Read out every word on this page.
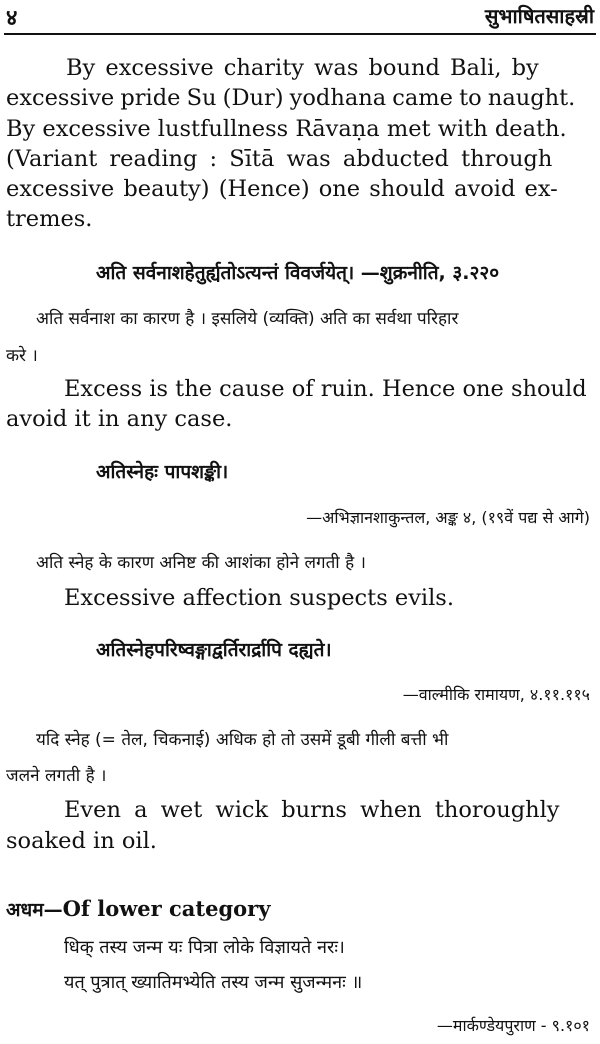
४	सुभाषितसाहस्री
By excessive charity was bound Bali, by
excessive pride Su (Dur) yodhana came to naught.
By excessive lustfullness Rāvaṇa met with death.
(Variant reading : Sītā was abducted through
excessive beauty) (Hence) one should avoid ex-
tremes.
अति सर्वनाशहेतुर्ह्यतोऽत्यन्तं विवर्जयेत्। —शुक्रनीति, ३.२२०
अति सर्वनाश का कारण है । इसलिये (व्यक्ति) अति का सर्वथा परिहार
करे ।
Excess is the cause of ruin. Hence one should
avoid it in any case.
अतिस्नेहः पापशङ्की।
—अभिज्ञानशाकुन्तल, अङ्क ४, (१९वें पद्य से आगे)
अति स्नेह के कारण अनिष्ट की आशंका होने लगती है ।
Excessive affection suspects evils.
अतिस्नेहपरिष्वङ्गाद्वर्तिरार्द्रापि दह्यते।
—वाल्मीकि रामायण, ४.११.११५
यदि स्नेह (= तेल, चिकनाई) अधिक हो तो उसमें डूबी गीली बत्ती भी
जलने लगती है ।
Even a wet wick burns when thoroughly
soaked in oil.
अधम—Of lower category
धिक् तस्य जन्म यः पित्रा लोके विज्ञायते नरः।
यत् पुत्रात् ख्यातिमभ्येति तस्य जन्म सुजन्मनः ॥
—मार्कण्डेयपुराण - ९.१०१
